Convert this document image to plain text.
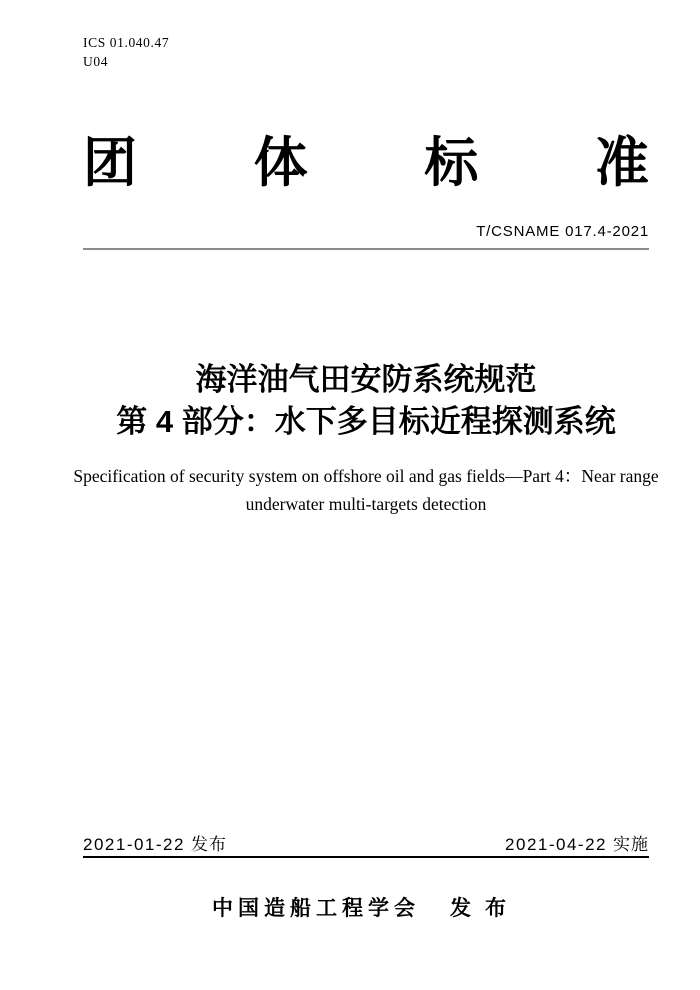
ICS 01.040.47
U04
团 体 标 准
T/CSNAME 017.4-2021
海洋油气田安防系统规范
第 4 部分：水下多目标近程探测系统
Specification of security system on offshore oil and gas fields—Part 4：Near range
underwater multi-targets detection
2021-01-22 发布	2021-04-22 实施
中国造船工程学会 发布
